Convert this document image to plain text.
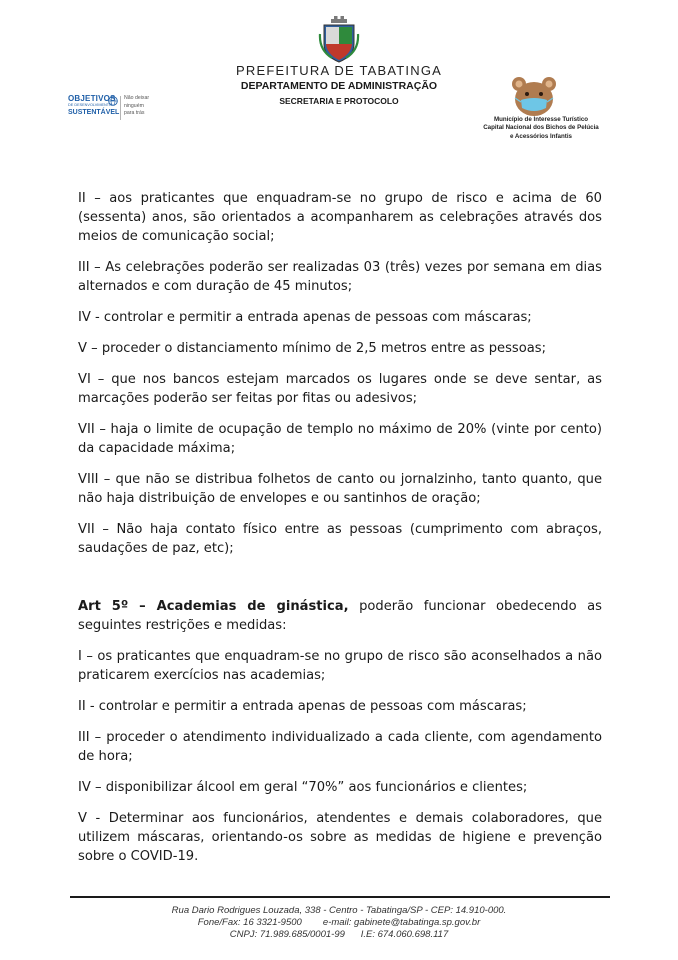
PREFEITURA DE TABATINGA
DEPARTAMENTO DE ADMINISTRAÇÃO
SECRETARIA E PROTOCOLO
OBJETIVOS
DE DESENVOLVIMENTO
SUSTENTÁVEL
Não deixar
ninguém
para trás
Município de Interesse Turístico
Capital Nacional dos Bichos de Pelúcia
e Acessórios Infantis

II – aos praticantes que enquadram-se no grupo de risco e acima de 60 (sessenta) anos, são orientados a acompanharem as celebrações através dos meios de comunicação social;

III – As celebrações poderão ser realizadas 03 (três) vezes por semana em dias alternados e com duração de 45 minutos;

IV - controlar e permitir a entrada apenas de pessoas com máscaras;

V – proceder o distanciamento mínimo de 2,5 metros entre as pessoas;

VI – que nos bancos estejam marcados os lugares onde se deve sentar, as marcações poderão ser feitas por fitas ou adesivos;

VII – haja o limite de ocupação de templo no máximo de 20% (vinte por cento) da capacidade máxima;

VIII – que não se distribua folhetos de canto ou jornalzinho, tanto quanto, que não haja distribuição de envelopes e ou santinhos de oração;

VII – Não haja contato físico entre as pessoas (cumprimento com abraços, saudações de paz, etc);

Art 5º – Academias de ginástica, poderão funcionar obedecendo as seguintes restrições e medidas:

I – os praticantes que enquadram-se no grupo de risco são aconselhados a não praticarem exercícios nas academias;

II - controlar e permitir a entrada apenas de pessoas com máscaras;

III – proceder o atendimento individualizado a cada cliente, com agendamento de hora;

IV – disponibilizar álcool em geral “70%” aos funcionários e clientes;

V - Determinar aos funcionários, atendentes e demais colaboradores, que utilizem máscaras, orientando-os sobre as medidas de higiene e prevenção sobre o COVID-19.

Rua Dario Rodrigues Louzada, 338 - Centro - Tabatinga/SP - CEP: 14.910-000.
Fone/Fax: 16 3321-9500        e-mail: gabinete@tabatinga.sp.gov.br
CNPJ: 71.989.685/0001-99      I.E: 674.060.698.117
